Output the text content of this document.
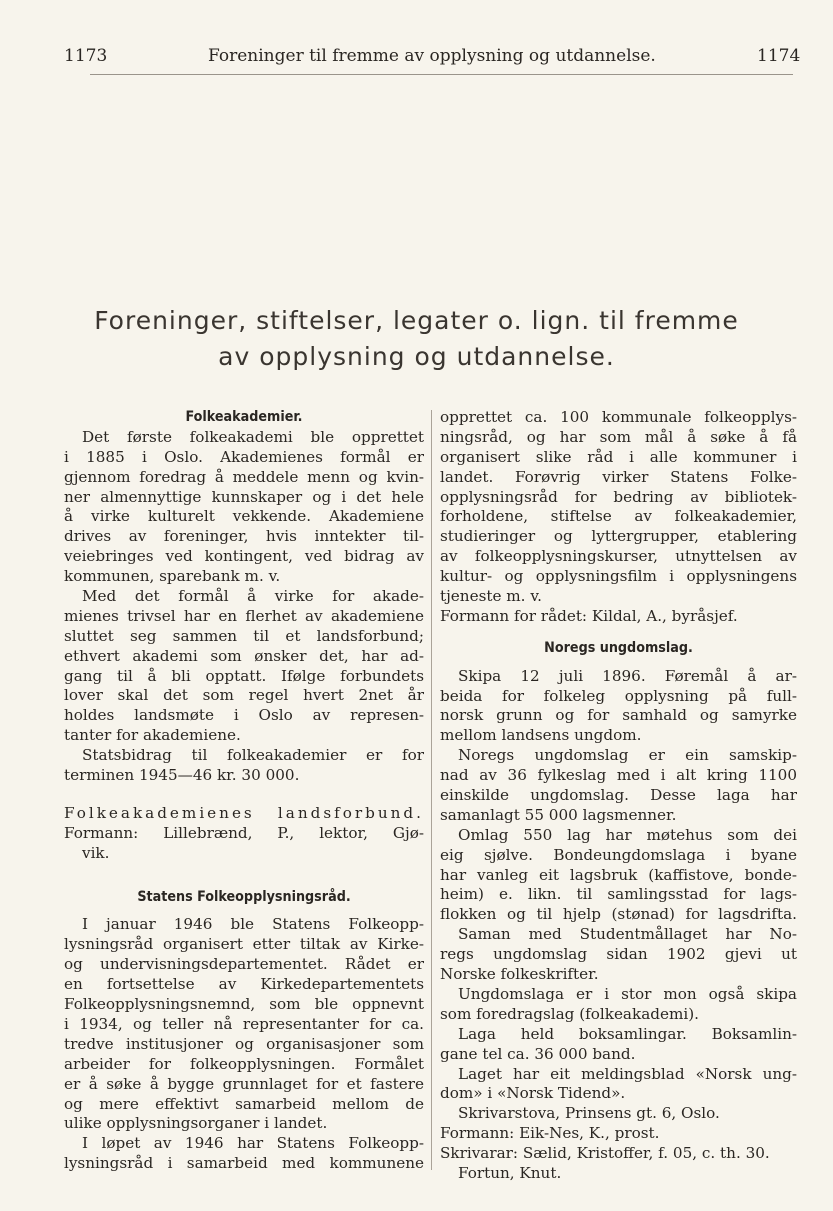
1173	Foreninger til fremme av opplysning og utdannelse.	1174
Foreninger, stiftelser, legater o. lign. til fremme
av opplysning og utdannelse.
Folkeakademier.
Det første folkeakademi ble opprettet
i 1885 i Oslo. Akademienes formål er
gjennom foredrag å meddele menn og kvin-
ner almennyttige kunnskaper og i det hele
å virke kulturelt vekkende. Akademiene
drives av foreninger, hvis inntekter til-
veiebringes ved kontingent, ved bidrag av
kommunen, sparebank m. v.
Med det formål å virke for akade-
mienes trivsel har en flerhet av akademiene
sluttet seg sammen til et landsforbund;
ethvert akademi som ønsker det, har ad-
gang til å bli opptatt. Ifølge forbundets
lover skal det som regel hvert 2net år
holdes landsmøte i Oslo av represen-
tanter for akademiene.
Statsbidrag til folkeakademier er for
terminen 1945—46 kr. 30 000.
Folkeakademienes landsforbund.
Formann: Lillebrænd, P., lektor, Gjø-
vik.
Statens Folkeopplysningsråd.
I januar 1946 ble Statens Folkeopp-
lysningsråd organisert etter tiltak av Kirke-
og undervisningsdepartementet. Rådet er
en fortsettelse av Kirkedepartementets
Folkeopplysningsnemnd, som ble oppnevnt
i 1934, og teller nå representanter for ca.
tredve institusjoner og organisasjoner som
arbeider for folkeopplysningen. Formålet
er å søke å bygge grunnlaget for et fastere
og mere effektivt samarbeid mellom de
ulike opplysningsorganer i landet.
I løpet av 1946 har Statens Folkeopp-
lysningsråd i samarbeid med kommunene
opprettet ca. 100 kommunale folkeopplys-
ningsråd, og har som mål å søke å få
organisert slike råd i alle kommuner i
landet. Forøvrig virker Statens Folke-
opplysningsråd for bedring av bibliotek-
forholdene, stiftelse av folkeakademier,
studieringer og lyttergrupper, etablering
av folkeopplysningskurser, utnyttelsen av
kultur- og opplysningsfilm i opplysningens
tjeneste m. v.
Formann for rådet: Kildal, A., byråsjef.
Noregs ungdomslag.
Skipa 12 juli 1896. Føremål å ar-
beida for folkeleg opplysning på full-
norsk grunn og for samhald og samyrke
mellom landsens ungdom.
Noregs ungdomslag er ein samskip-
nad av 36 fylkeslag med i alt kring 1100
einskilde ungdomslag. Desse laga har
samanlagt 55 000 lagsmenner.
Omlag 550 lag har møtehus som dei
eig sjølve. Bondeungdomslaga i byane
har vanleg eit lagsbruk (kaffistove, bonde-
heim) e. likn. til samlingsstad for lags-
flokken og til hjelp (stønad) for lagsdrifta.
Saman med Studentmållaget har No-
regs ungdomslag sidan 1902 gjevi ut
Norske folkeskrifter.
Ungdomslaga er i stor mon også skipa
som foredragslag (folkeakademi).
Laga held boksamlingar. Boksamlin-
gane tel ca. 36 000 band.
Laget har eit meldingsblad «Norsk ung-
dom» i «Norsk Tidend».
Skrivarstova, Prinsens gt. 6, Oslo.
Formann: Eik-Nes, K., prost.
Skrivarar: Sælid, Kristoffer, f. 05, c. th. 30.
Fortun, Knut.
